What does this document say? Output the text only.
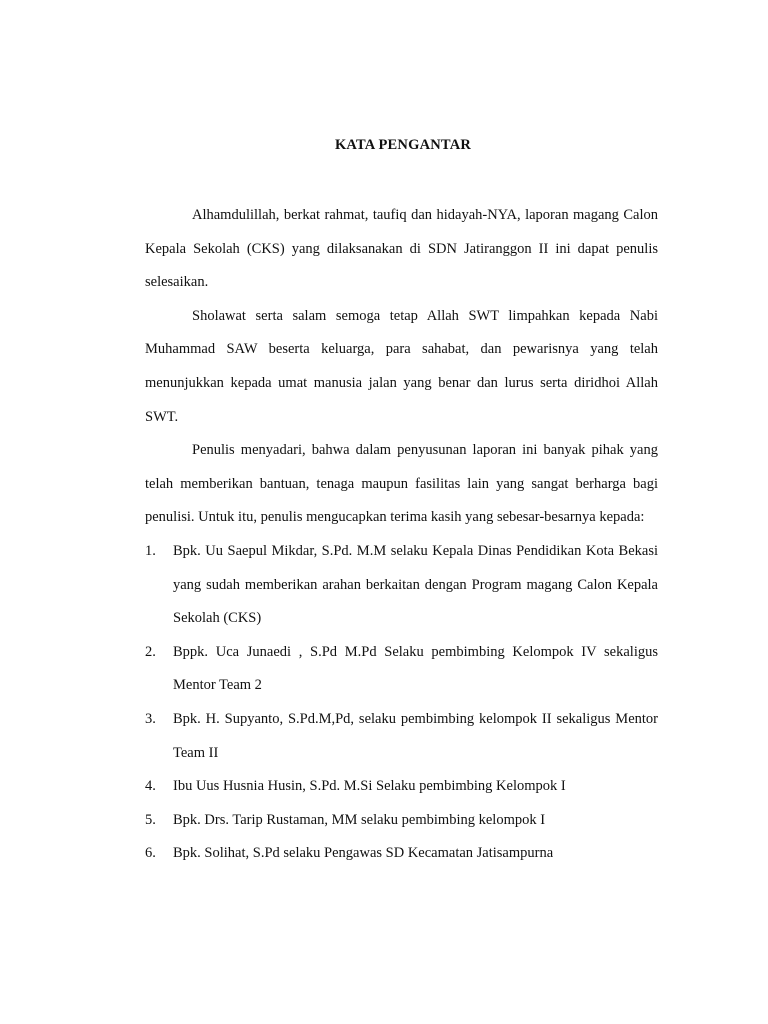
KATA PENGANTAR

Alhamdulillah, berkat rahmat, taufiq dan hidayah-NYA, laporan magang Calon Kepala Sekolah (CKS) yang dilaksanakan di SDN Jatiranggon II ini dapat penulis selesaikan.

Sholawat serta salam semoga tetap Allah SWT limpahkan kepada Nabi Muhammad SAW beserta keluarga, para sahabat, dan pewarisnya yang telah menunjukkan kepada umat manusia jalan yang benar dan lurus serta diridhoi Allah SWT.

Penulis menyadari, bahwa dalam penyusunan laporan ini banyak pihak yang telah memberikan bantuan, tenaga maupun fasilitas lain yang sangat berharga bagi penulisi. Untuk itu, penulis mengucapkan terima kasih yang sebesar-besarnya kepada:

1. Bpk. Uu Saepul Mikdar, S.Pd. M.M selaku Kepala Dinas Pendidikan Kota Bekasi yang sudah memberikan arahan berkaitan dengan Program magang Calon Kepala Sekolah (CKS)
2. Bppk. Uca Junaedi , S.Pd M.Pd Selaku pembimbing Kelompok IV sekaligus Mentor Team 2
3. Bpk. H. Supyanto, S.Pd.M,Pd, selaku pembimbing kelompok II sekaligus Mentor Team II
4. Ibu Uus Husnia Husin, S.Pd. M.Si Selaku pembimbing Kelompok I
5. Bpk. Drs. Tarip Rustaman, MM selaku pembimbing kelompok I
6. Bpk. Solihat, S.Pd selaku Pengawas SD Kecamatan Jatisampurna
